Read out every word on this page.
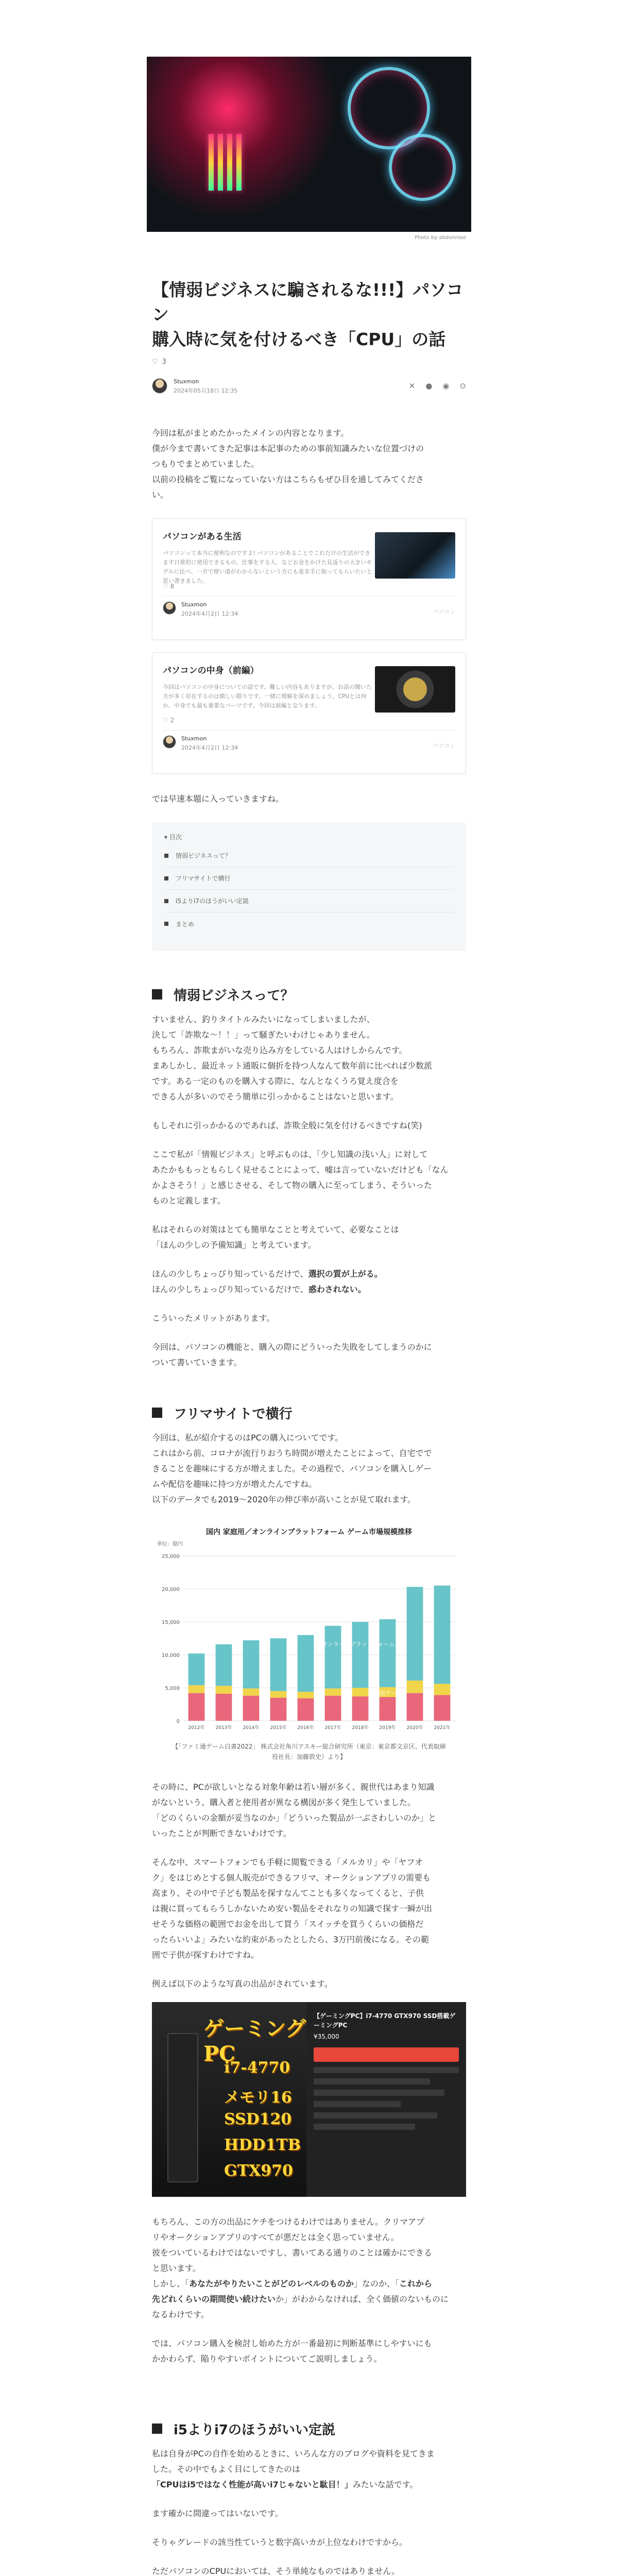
Photo by abdonrose
【情弱ビジネスに騙されるな!!!】パソコン
購入時に気を付けるべき「CPU」の話
♡ 3
Stuxmon
2024年05月18日 12:35
✕ ● ◉ ⊙
今回は私がまとめたかったメインの内容となります。
僕が今まで書いてきた記事は本記事のための事前知識みたいな位置づけの
つもりでまとめていました。
以前の投稿をご覧になっていない方はこちらもぜひ目を通してみてくださ
い。
パソコンがある生活
パソコンって本当に便利なのですよ! パソコンがあることでこれだけの生活ができます日常的に使用できるもの、仕事をする人、などお金をかけた見返りの大きいモデルに比べ、一方で使い道がわからないという方にも是非手に取ってもらいたいと思い書きました。
♡ 8
Stuxmon
2024年4月2日 12:34	パソコン
パソコンの中身（前編）
今回はパソコンの中身についての話です。難しい内容もありますが、お話の聞いた方が多く存在するのは嬉しい限りです。一緒に理解を深めましょう。CPUとは何か、中身でも最も重要なパーツです。今回は前編となります。
♡ 2
Stuxmon
2024年4月2日 12:34	パソコン

では早速本題に入っていきますね。

▾ 目次
情弱ビジネスって？
フリマサイトで横行
i5よりi7のほうがいい定説
まとめ
情弱ビジネスって？
すいません、釣りタイトルみたいになってしまいましたが、
決して「詐欺な～！！」って騒ぎたいわけじゃありません。
もちろん、詐欺まがいな売り込み方をしている人はけしからんです。
まあしかし、最近ネット通販に個折を持つ人なんて数年前に比べれば少数派
です。ある一定のものを購入する際に、なんとなくうろ覚え度合を
できる人が多いのでそう簡単に引っかかることはないと思います。

もしそれに引っかかるのであれば、詐欺全般に気を付けるべきですね(笑)

ここで私が「情報ビジネス」と呼ぶものは、「少し知識の浅い人」に対して
あたかももっともらしく見せることによって、嘘は言っていないだけども「なん
かよさそう！」と感じさせる、そして物の購入に至ってしまう、そういった
ものと定義します。
私はそれらの対策はとても簡単なことと考えていて、必要なことは
「ほんの少しの予備知識」と考えています。
ほんの少しちょっぴり知っているだけで、選択の質が上がる。
ほんの少しちょっぴり知っているだけで、惑わされない。

こういったメリットがあります。

今回は、パソコンの機能と、購入の際にどういった失敗をしてしまうのかに
ついて書いていきます。
フリマサイトで横行
今回は、私が紹介するのはPCの購入についてです。
これはから前、コロナが流行りおうち時間が増えたことによって、自宅でで
きることを趣味にする方が増えました。その過程で、パソコンを購入しゲー
ムや配信を趣味に持つ方が増えたんですね。
以下のデータでも2019～2020年の伸び率が高いことが見て取れます。
国内 家庭用／オンラインプラットフォーム ゲーム市場規模推移
単位：億円
0
5,000
10,000
15,000
20,000
25,000
2012年 2013年 2014年 2015年 2016年 2017年 2018年 2019年 2020年 2021年
オンラインプラットフォーム
家庭用ゲーム
【「ファミ通ゲーム白書2022」 株式会社角川アスキー総合研究所（東京：東京都文京区、代表取締
役社長：加藤敦史）より】
その時に、PCが欲しいとなる対象年齢は若い層が多く、親世代はあまり知識
がないという、購入者と使用者が異なる構図が多く発生していました。
「どのくらいの金額が妥当なのか」「どういった製品が一ぶさわしいのか」と
いったことが判断できないわけです。
そんな中、スマートフォンでも手軽に閲覧できる「メルカリ」や「ヤフオ
ク」をはじめとする個人販売ができるフリマ、オークションアプリの需要も
高まり、その中で子ども製品を探すなんてことも多くなってくると、子供
は親に買ってもらうしかないため安い製品をそれなりの知識で探す一瞬が出
せそうな価格の範囲でお金を出して買う「スイッチを買うくらいの価格だ
ったらいいよ」みたいな約束があったとしたら、3万円前後になる。その範
囲で子供が探すわけですね。

例えば以下のような写真の出品がされています。

ゲーミングPC
i7-4770
メモリ16
SSD120
HDD1TB
GTX970
【ゲーミングPC】i7-4770 GTX970 SSD搭載ゲーミングPC
¥35,000
もちろん、この方の出品にケチをつけるわけではありません。クリマアプ
リやオークションアプリのすべてが悪だとは全く思っていません。
彼をついているわけではないですし、書いてある通りのことは確かにできる
と思います。
しかし、「あなたがやりたいことがどのレベルのものか」なのか、「これから
先どれくらいの期間使い続けたいか」がわからなければ、全く価値のないものに
なるわけです。
では、パソコン購入を検討し始めた方が一番最初に判断基準にしやすいにも
かかわらず、陥りやすいポイントについてご説明しましょう。
i5よりi7のほうがいい定説
私は自身がPCの自作を始めるときに、いろんな方のブログや資料を見てきま
した。その中でもよく目にしてきたのは
「CPUはi5ではなく性能が高いi7じゃないと駄目！」みたいな話です。

ます確かに間違ってはいないです。

そりゃグレードの該当性ていうと数字高いカが上位なわけですから。

ただパソコンのCPUにおいては、そう単純なものではありません。
